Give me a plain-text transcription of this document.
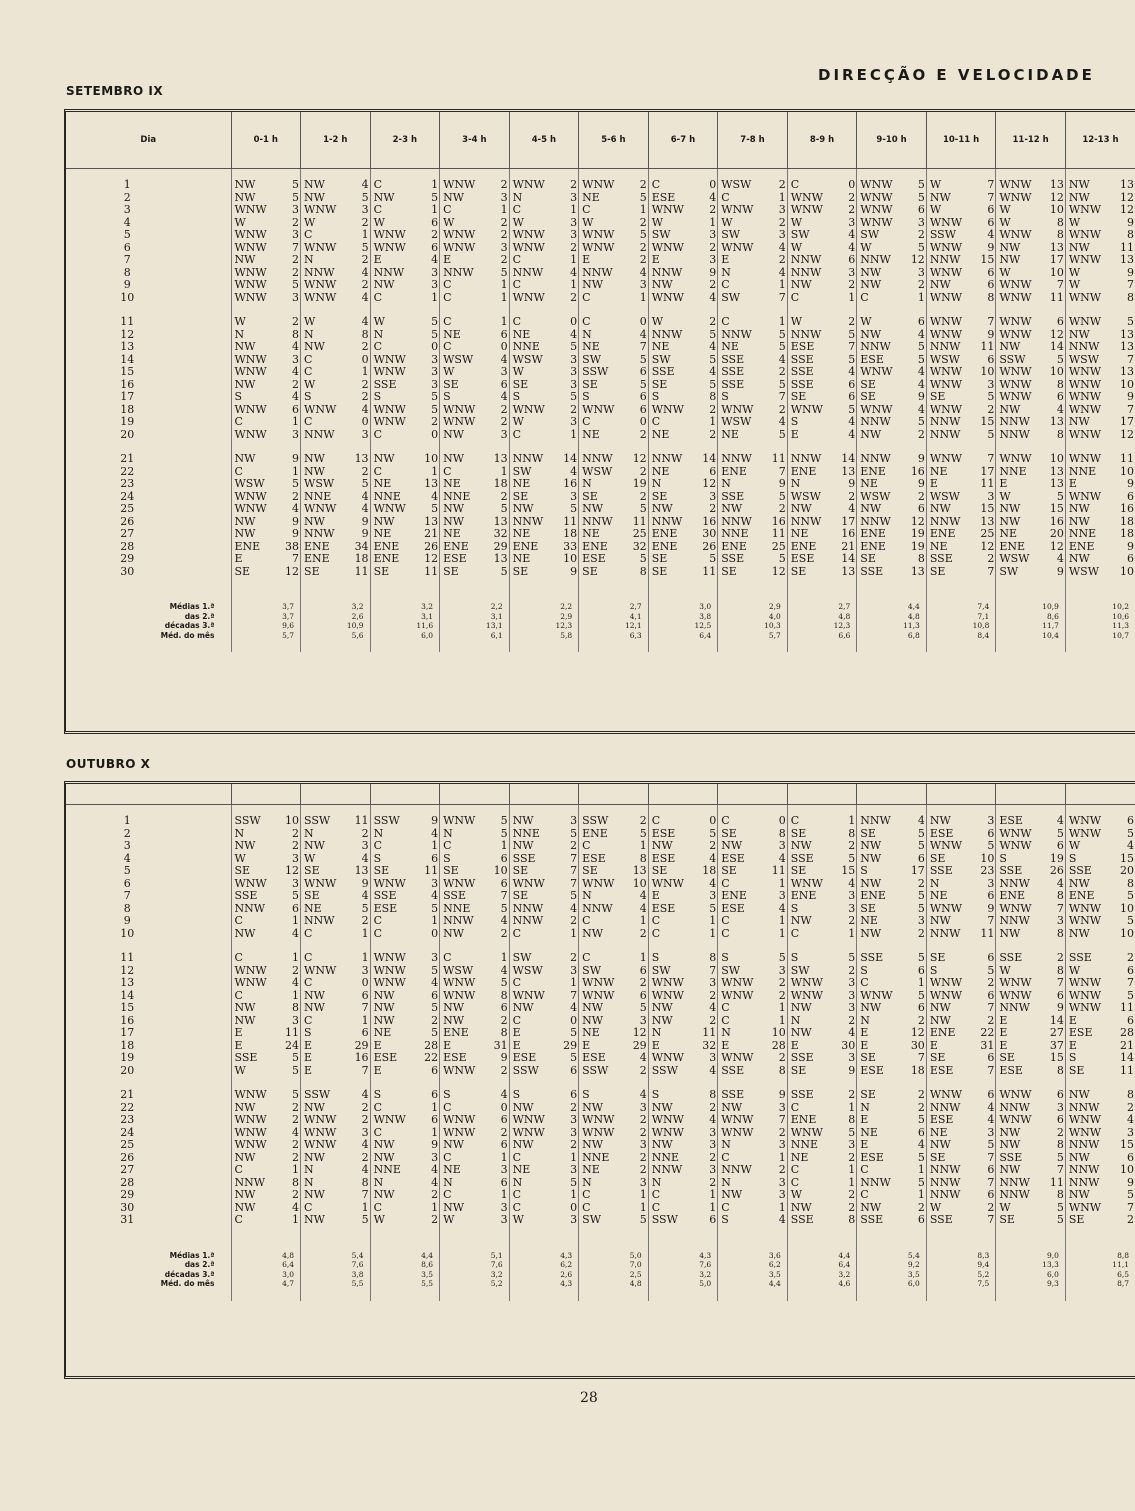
DIRECÇÃO E VELOCIDADE
SETEMBRO IX
Dia	0-1 h	1-2 h	2-3 h	3-4 h	4-5 h	5-6 h	6-7 h	7-8 h	8-9 h	9-10 h	10-11 h	11-12 h	12-13 h

1	NW 5	NW 4	C 1	WNW 2	WNW 2	WNW 2	C 0	WSW 2	C 0	WNW 5	W 7	WNW 13	NW 13

2	NW 5	NW 5	NW 5	NW 3	N 3	NE 5	ESE 4	C 1	WNW 2	WNW 5	NW 7	WNW 12	NW 12

3	WNW 3	WNW 3	C 1	C 1	C 1	C 1	WNW 2	WNW 3	WNW 2	WNW 6	W 6	W 10	WNW 12

4	W 2	W 2	W 6	W 2	W 3	W 2	W 1	W 2	W 3	WNW 3	WNW 6	W 8	W 9

5	WNW 3	C 1	WNW 2	WNW 2	WNW 3	WNW 5	SW 3	SW 3	SW 4	SW 2	SSW 4	WNW 8	WNW 8

6	WNW 7	WNW 5	WNW 6	WNW 3	WNW 2	WNW 2	WNW 2	WNW 4	W 4	W 5	WNW 9	NW 13	NW 11

7	NW 2	N 2	E 4	E 2	C 1	E 2	E 3	E 2	NNW 6	NNW 12	NNW 15	NW 17	WNW 13

8	WNW 2	NNW 4	NNW 3	NNW 5	NNW 4	NNW 4	NNW 9	N 4	NNW 3	NW 3	WNW 6	W 10	W 9

9	WNW 5	WNW 2	NW 3	C 1	C 1	NW 3	NW 2	C 1	NW 2	NW 2	NW 6	WNW 7	W 7

10	WNW 3	WNW 4	C 1	C 1	WNW 2	C 1	WNW 4	SW 7	C 1	C 1	WNW 8	WNW 11	WNW 8

11	W 2	W 4	W 5	C 1	C 0	C 0	W 2	C 1	W 2	W 6	WNW 7	WNW 6	WNW 5

12	N 8	N 8	N 5	NE 6	NE 4	N 4	NNW 5	NNW 5	NNW 5	NW 4	WNW 9	WNW 12	NW 13

13	NW 4	NW 2	C 0	C 0	NNE 5	NE 7	NE 4	NE 5	ESE 7	NNW 5	NNW 11	NW 14	NNW 13

14	WNW 3	C 0	WNW 3	WSW 4	WSW 3	SW 5	SW 5	SSE 4	SSE 5	ESE 5	WSW 6	SSW 5	WSW 7

15	WNW 4	C 1	WNW 3	W 3	W 3	SSW 6	SSE 4	SSE 2	SSE 4	WNW 4	WNW 10	WNW 10	WNW 13

16	NW 2	W 2	SSE 3	SE 6	SE 3	SE 5	SE 5	SSE 5	SSE 6	SE 4	WNW 3	WNW 8	WNW 10

17	S 4	S 2	S 5	S 4	S 5	S 6	S 8	S 7	SE 6	SE 9	SE 5	WNW 6	WNW 9

18	WNW 6	WNW 4	WNW 5	WNW 2	WNW 2	WNW 6	WNW 2	WNW 2	WNW 5	WNW 4	WNW 2	NW 4	WNW 7

19	C 1	C 0	WNW 2	WNW 2	W 3	C 0	C 1	WSW 4	S 4	NNW 5	NNW 15	NNW 13	NW 17

20	WNW 3	NNW 3	C 0	NW 3	C 1	NE 2	NE 2	NE 5	E 4	NW 2	NNW 5	NNW 8	WNW 12

21	NW 9	NW 13	NW 10	NW 13	NNW 14	NNW 12	NNW 14	NNW 11	NNW 14	NNW 9	WNW 7	WNW 10	WNW 11

22	C 1	NW 2	C 1	C 1	SW 4	WSW 2	NE 6	ENE 7	ENE 13	ENE 16	NE 17	NNE 13	NNE 10

23	WSW 5	WSW 5	NE 13	NE 18	NE 16	N 19	N 12	N 9	N 9	NE 9	E 11	E 13	E 9

24	WNW 2	NNE 4	NNE 4	NNE 2	SE 3	SE 2	SE 3	SSE 5	WSW 2	WSW 2	WSW 3	W 5	WNW 6

25	WNW 4	WNW 4	WNW 5	NW 5	NW 5	NW 5	NW 2	NW 2	NW 4	NW 6	NW 15	NW 15	NW 16

26	NW 9	NW 9	NW 13	NW 13	NNW 11	NNW 11	NNW 16	NNW 16	NNW 17	NNW 12	NNW 13	NW 16	NW 18

27	NW 9	NNW 9	NE 21	NE 32	NE 18	NE 25	ENE 30	NNE 11	NE 16	ENE 19	ENE 25	NE 20	NNE 18

28	ENE 38	ENE 34	ENE 26	ENE 29	ENE 33	ENE 32	ENE 26	ENE 25	ENE 21	ENE 19	NE 12	ENE 12	ENE 9

29	E 7	ENE 18	ENE 12	ESE 13	NE 10	ESE 5	SE 5	SSE 5	ESE 14	SE 8	SSE 2	WSW 4	NW 6

30	SE 12	SE 11	SE 11	SE 5	SE 9	SE 8	SE 11	SE 12	SE 13	SSE 13	SE 7	SW 9	WSW 10

Médias 1.ª	3,7	3,2	3,2	2,2	2,2	2,7	3,0	2,9	2,7	4,4	7,4	10,9	10,2
das 2.ª	3,7	2,6	3,1	3,1	2,9	4,1	3,8	4,0	4,8	4,8	7,1	8,6	10,6
décadas 3.ª	9,6	10,9	11,6	13,1	12,3	12,1	12,5	10,3	12,3	11,3	10,8	11,7	11,3
Méd. do mês	5,7	5,6	6,0	6,1	5,8	6,3	6,4	5,7	6,6	6,8	8,4	10,4	10,7

OUTUBRO X

1	SSW 10	SSW 11	SSW 9	WNW 5	NW 3	SSW 2	C 0	C 0	C 1	NNW 4	NW 3	ESE 4	WNW 6

2	N 2	N 2	N 4	N 5	NNE 5	ENE 5	ESE 5	SE 8	SE 8	SE 5	ESE 6	WNW 5	WNW 5

3	NW 2	NW 3	C 1	C 1	NW 2	C 1	NW 2	NW 3	NW 2	NW 5	WNW 5	WNW 6	W 4

4	W 3	W 4	S 6	S 6	SSE 7	ESE 8	ESE 4	ESE 4	SSE 5	NW 6	SE 10	S 19	S 15

5	SE 12	SE 13	SE 11	SE 10	SE 7	SE 13	SE 18	SE 11	SE 15	S 17	SSE 23	SSE 26	SSE 20

6	WNW 3	WNW 9	WNW 3	WNW 6	WNW 7	WNW 10	WNW 4	C 1	WNW 4	NW 2	N 3	NNW 4	NW 8

7	SSE 5	SE 4	SSE 4	SSE 7	SE 5	N 4	E 3	ENE 3	ENE 3	ENE 5	NE 6	ENE 8	ENE 5

8	NNW 6	NE 5	ESE 5	NNE 5	NNW 4	NNW 4	ESE 5	ESE 4	S 3	SE 5	WNW 9	WNW 7	WNW 10

9	C 1	NNW 2	C 1	NNW 4	NNW 2	C 1	C 1	C 1	NW 2	NE 3	NW 7	NNW 3	WNW 5

10	NW 4	C 1	C 0	NW 2	C 1	NW 2	C 1	C 1	C 1	NW 2	NNW 11	NW 8	NW 10

11	C 1	C 1	WNW 3	C 1	SW 2	C 1	S 8	S 5	S 5	SSE 5	SE 6	SSE 2	SSE 2

12	WNW 2	WNW 3	WNW 5	WSW 4	WSW 3	SW 6	SW 7	SW 3	SW 2	S 6	S 5	W 8	W 6

13	WNW 4	C 0	WNW 4	WNW 5	C 1	WNW 2	WNW 3	WNW 2	WNW 3	C 1	WNW 2	WNW 7	WNW 7

14	C 1	NW 6	NW 6	WNW 8	WNW 7	WNW 6	WNW 2	WNW 2	WNW 3	WNW 5	WNW 6	WNW 6	WNW 5

15	NW 8	NW 7	NW 5	NW 6	NW 4	NW 5	NW 4	C 1	NW 3	NW 6	NW 7	NNW 9	WNW 11

16	NW 3	C 1	NW 2	NW 2	C 0	NW 3	NW 2	C 1	N 2	N 2	NW 2	E 14	E 6

17	E 11	S 6	NE 5	ENE 8	E 5	NE 12	N 11	N 10	NW 4	E 12	ENE 22	E 27	ESE 28

18	E 24	E 29	E 28	E 31	E 29	E 29	E 32	E 28	E 30	E 30	E 31	E 37	E 21

19	SSE 5	E 16	ESE 22	ESE 9	ESE 5	ESE 4	WNW 3	WNW 2	SSE 3	SE 7	SE 6	SE 15	S 14

20	W 5	E 7	E 6	WNW 2	SSW 6	SSW 2	SSW 4	SSE 8	SE 9	ESE 18	ESE 7	ESE 8	SE 11

21	WNW 5	SSW 4	S 6	S 4	S 6	S 4	S 8	SSE 9	SSE 2	SE 2	WNW 6	WNW 6	NW 8

22	NW 2	NW 2	C 1	C 0	NW 2	NW 3	NW 2	NW 3	C 1	N 2	NNW 4	NNW 3	NNW 2

23	WNW 2	WNW 2	WNW 6	WNW 6	WNW 3	WNW 2	WNW 4	WNW 7	ENE 8	E 5	ESE 4	WNW 6	WNW 4

24	WNW 4	WNW 3	C 1	WNW 2	WNW 3	WNW 2	WNW 3	WNW 2	WNW 5	NE 6	NE 3	NW 2	WNW 3

25	WNW 2	WNW 4	NW 9	NW 6	NW 2	NW 3	NW 3	N 3	NNE 3	E 4	NW 5	NW 8	NNW 15

26	NW 2	NW 2	NW 3	C 1	C 1	NNE 2	NNE 2	C 1	NE 2	ESE 5	SE 7	SSE 5	NW 6

27	C 1	N 4	NNE 4	NE 3	NE 3	NE 2	NNW 3	NNW 2	C 1	C 1	NNW 6	NW 7	NNW 10

28	NNW 8	N 8	N 4	N 6	N 5	N 3	N 2	N 3	C 1	NNW 5	NNW 7	NNW 11	NNW 9

29	NW 2	NW 7	NW 2	C 1	C 1	C 1	C 1	NW 3	W 2	C 1	NNW 6	NNW 8	NW 5

30	NW 4	C 1	C 1	NW 3	C 0	C 1	C 1	C 1	NW 2	NW 2	W 2	W 5	WNW 7

31	C 1	NW 5	W 2	W 3	W 3	SW 5	SSW 6	S 4	SSE 8	SSE 6	SSE 7	SE 5	SE 2

Médias 1.ª	4,8	5,4	4,4	5,1	4,3	5,0	4,3	3,6	4,4	5,4	8,3	9,0	8,8
das 2.ª	6,4	7,6	8,6	7,6	6,2	7,0	7,6	6,2	6,4	9,2	9,4	13,3	11,1
décadas 3.ª	3,0	3,8	3,5	3,2	2,6	2,5	3,2	3,5	3,2	3,5	5,2	6,0	6,5
Méd. do mês	4,7	5,5	5,5	5,2	4,3	4,8	5,0	4,4	4,6	6,0	7,5	9,3	8,7

28
